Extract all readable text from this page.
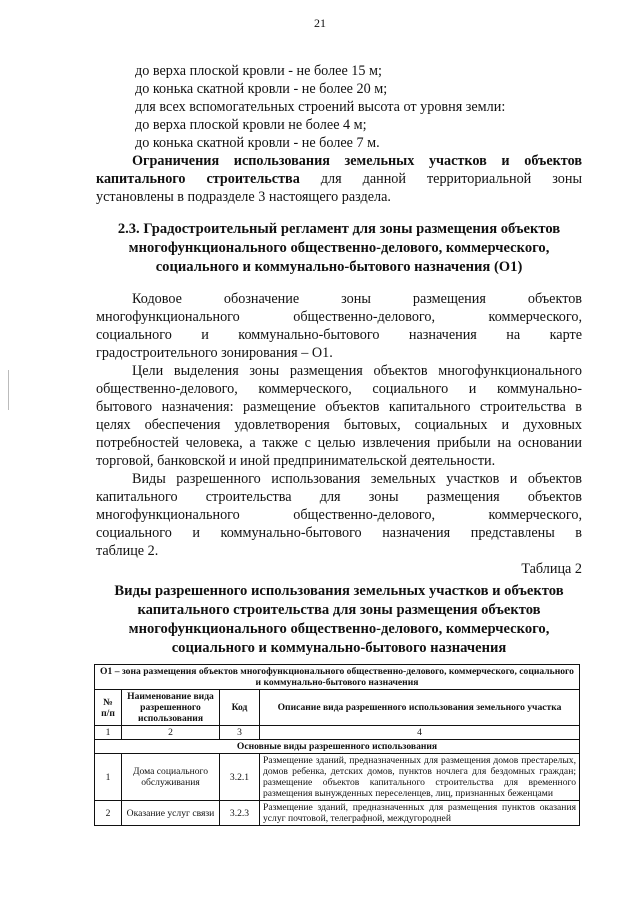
21
до верха плоской кровли - не более 15 м;
до конька скатной кровли - не более 20 м;
для всех вспомогательных строений высота от уровня земли:
до верха плоской кровли не более 4 м;
до конька скатной кровли - не более 7 м.
Ограничения использования земельных участков и объектов
капитального строительства для данной территориальной зоны
установлены в подразделе 3 настоящего раздела.
2.3. Градостроительный регламент для зоны размещения объектов
многофункционального общественно-делового, коммерческого,
социального и коммунально-бытового назначения (О1)
Кодовое обозначение зоны размещения объектов
многофункционального общественно-делового, коммерческого,
социального и коммунально-бытового назначения на карте
градостроительного зонирования – О1.
Цели выделения зоны размещения объектов многофункционального
общественно-делового, коммерческого, социального и коммунально-
бытового назначения: размещение объектов капитального строительства в
целях обеспечения удовлетворения бытовых, социальных и духовных
потребностей человека, а также с целью извлечения прибыли на основании
торговой, банковской и иной предпринимательской деятельности.
Виды разрешенного использования земельных участков и объектов
капитального строительства для зоны размещения объектов
многофункционального общественно-делового, коммерческого,
социального и коммунально-бытового назначения представлены в
таблице 2.
Таблица 2
Виды разрешенного использования земельных участков и объектов
капитального строительства для зоны размещения объектов
многофункционального общественно-делового, коммерческого,
социального и коммунально-бытового назначения
О1 – зона размещения объектов многофункционального общественно-делового, коммерческого, социального и коммунально-бытового назначения			
№ п/п	Наименование вида разрешенного использования	Код	Описание вида разрешенного использования земельного участка
1	2	3	4
Основные виды разрешенного использования			
1	Дома социального обслуживания	3.2.1	Размещение зданий, предназначенных для размещения домов престарелых, домов ребенка, детских домов, пунктов ночлега для бездомных граждан; размещение объектов капитального строительства для временного размещения вынужденных переселенцев, лиц, признанных беженцами
2	Оказание услуг связи	3.2.3	Размещение зданий, предназначенных для размещения пунктов оказания услуг почтовой, телеграфной, междугородней
